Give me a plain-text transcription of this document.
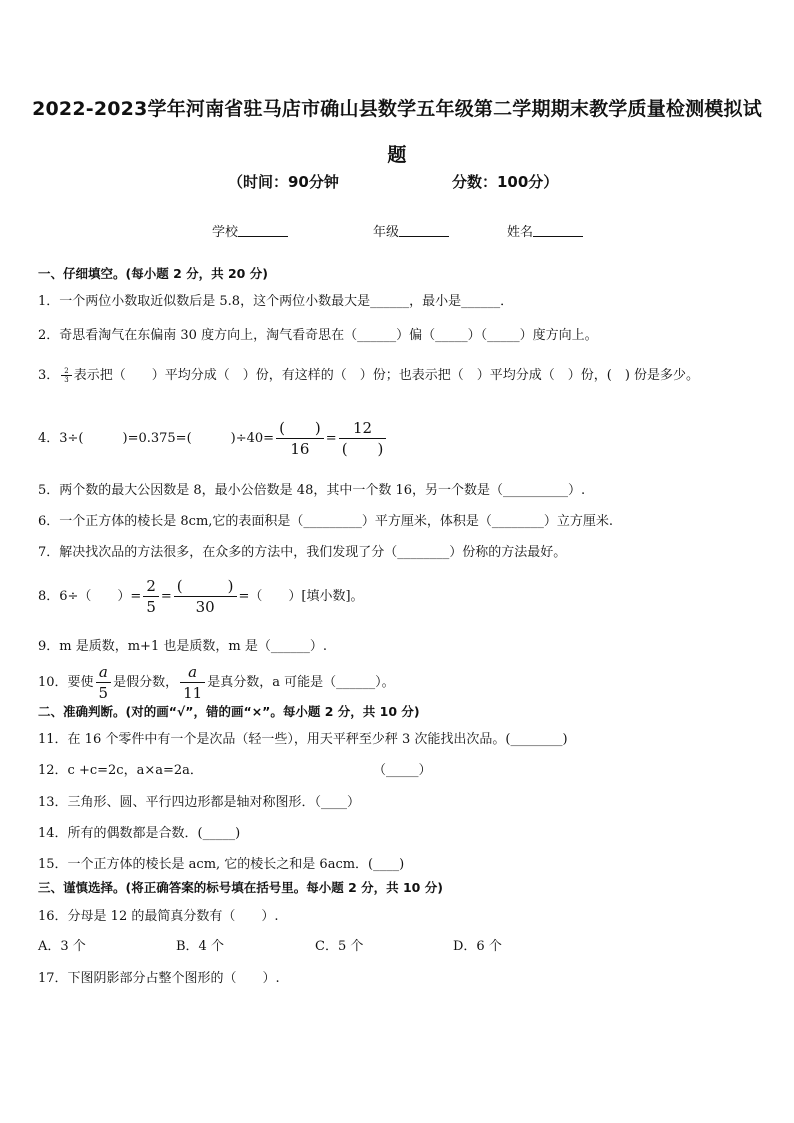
2022-2023学年河南省驻马店市确山县数学五年级第二学期期末教学质量检测模拟试
题
（时间：90分钟	分数：100分）
学校	年级	姓名
一、仔细填空。(每小题 2 分，共 20 分)
1．一个两位小数取近似数后是 5.8，这个两位小数最大是______，最小是______．
2．奇思看淘气在东偏南 30 度方向上，淘气看奇思在（______）偏（_____）（_____）度方向上。
3． $\frac{2}{3}$ 表示把（　　）平均分成（　）份，有这样的（　）份；也表示把（　）平均分成（　）份，(　) 份是多少。
4．3÷(　　　)=0.375=(　　　)$\div 40= \frac{( )}{16} = \frac{12}{( )}$
5．两个数的最大公因数是 8，最小公倍数是 48，其中一个数 16，另一个数是（__________）.
6．一个正方体的棱长是 8cm,它的表面积是（_________）平方厘米，体积是（________）立方厘米.
7．解决找次品的方法很多，在众多的方法中，我们发现了分（________）份称的方法最好。
8．6÷（　　）= $\frac{2}{5} = \frac{( )}{30}$ =（　　）[填小数]。
9．m 是质数，m+1 也是质数，m 是（______）.
10．要使 $\frac{a}{5}$ 是假分数， $\frac{a}{11}$ 是真分数，a 可能是（______）。
二、准确判断。(对的画“√”，错的画“×”。每小题 2 分，共 10 分)
11．在 16 个零件中有一个是次品（轻一些），用天平秤至少秤 3 次能找出次品。(________)
12．c +c=2c，a×a=2a．	（_____）
13．三角形、圆、平行四边形都是轴对称图形．（____）
14．所有的偶数都是合数．(_____)
15．一个正方体的棱长是 acm, 它的棱长之和是 6acm．(____)
三、谨慎选择。(将正确答案的标号填在括号里。每小题 2 分，共 10 分)
16．分母是 12 的最简真分数有（　　）.
A．3 个	B．4 个	C．5 个	D．6 个
17．下图阴影部分占整个图形的（　　）.
